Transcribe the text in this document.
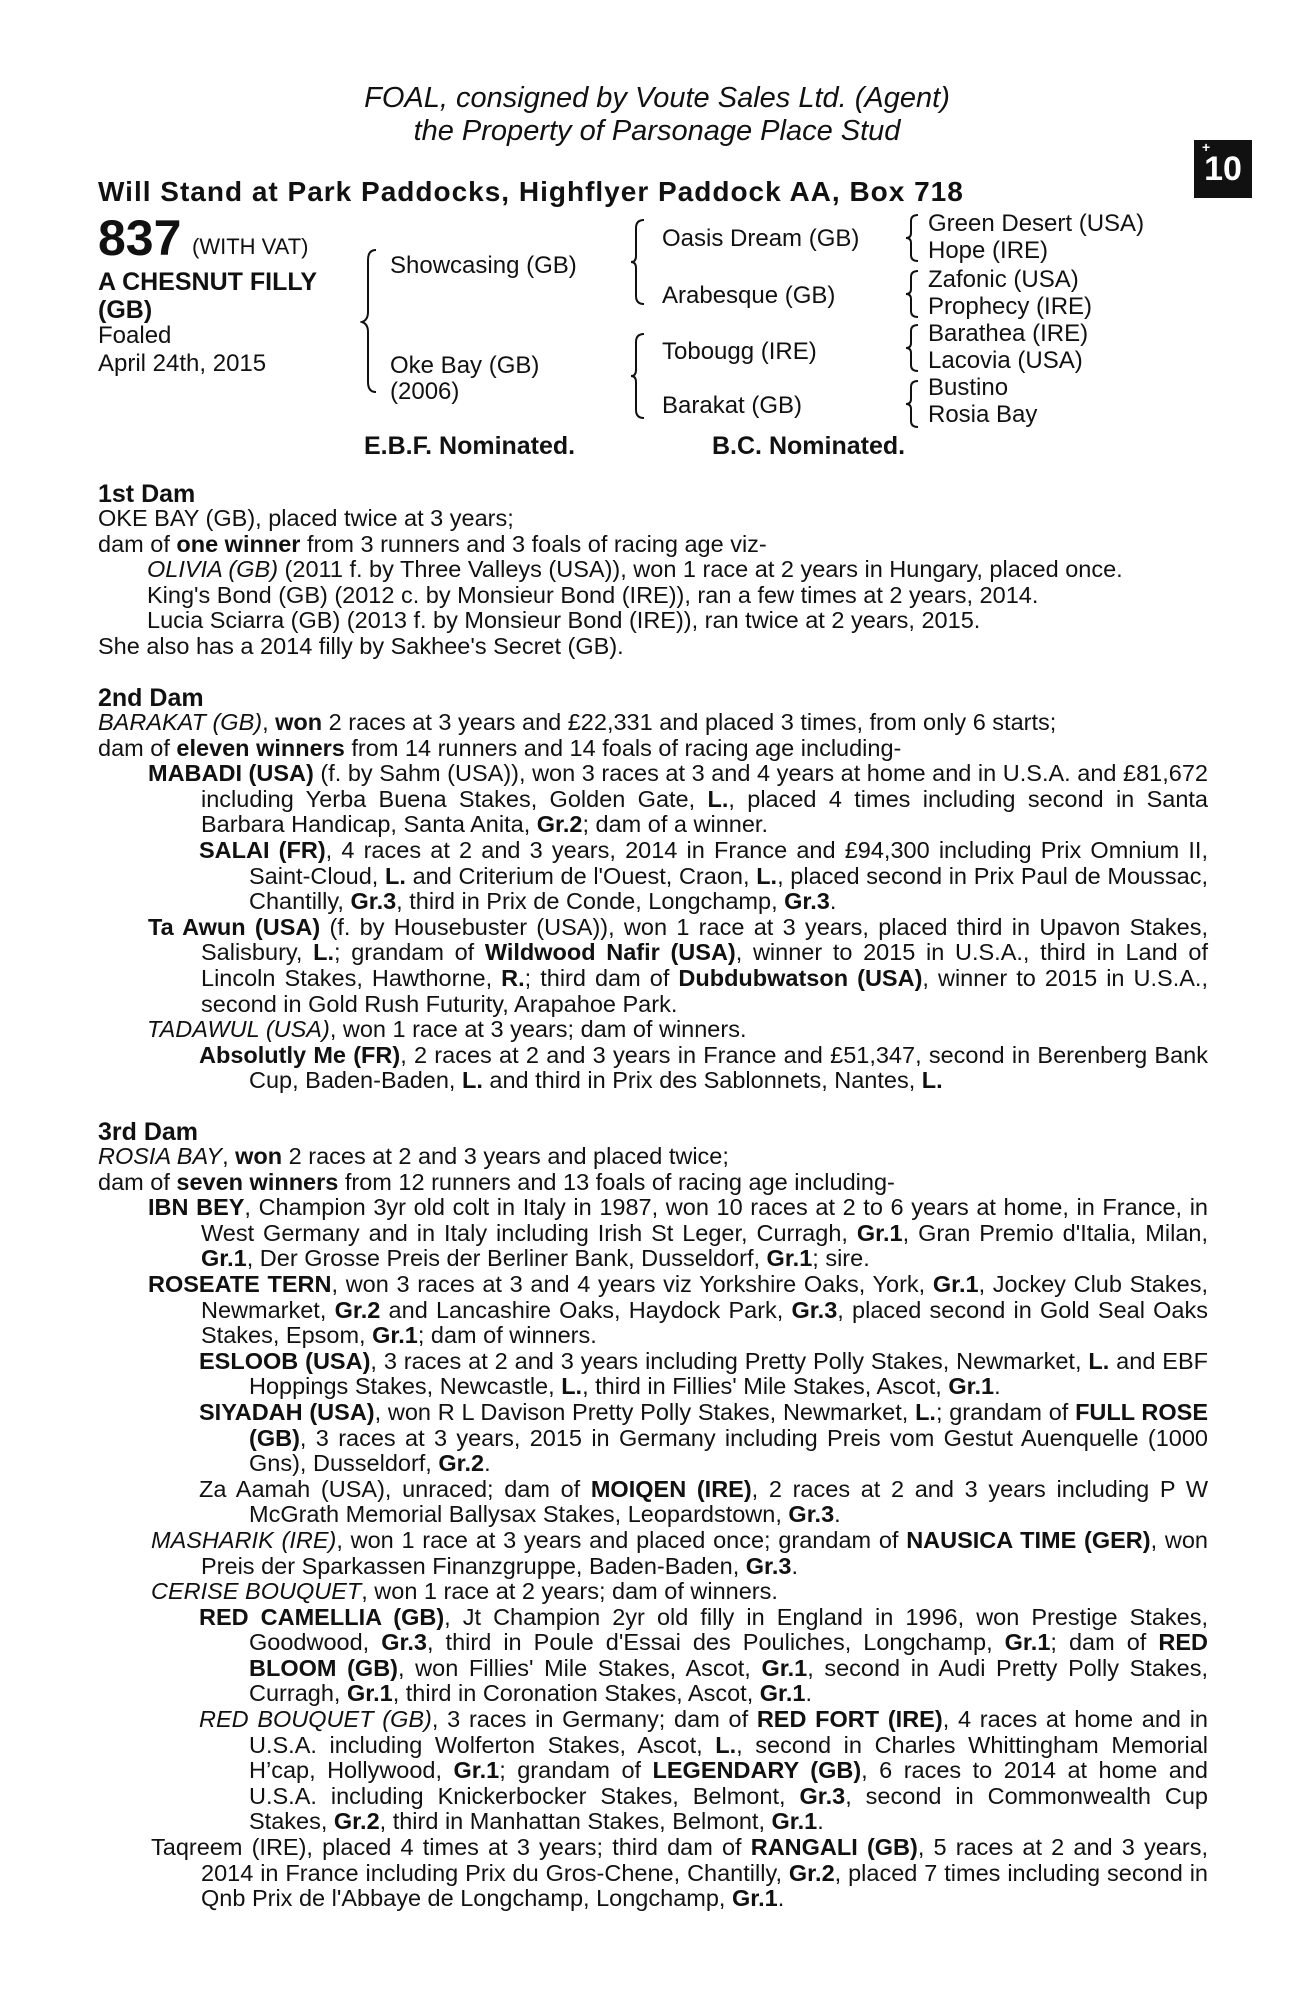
FOAL, consigned by Voute Sales Ltd. (Agent)
the Property of Parsonage Place Stud
Will Stand at Park Paddocks, Highflyer Paddock AA, Box 718
+
10
837 (WITH VAT)
A CHESNUT FILLY
(GB)
Foaled
April 24th, 2015
Showcasing (GB)
Oke Bay (GB)
(2006)
Oasis Dream (GB)
Arabesque (GB)
Tobougg (IRE)
Barakat (GB)
Green Desert (USA)
Hope (IRE)
Zafonic (USA)
Prophecy (IRE)
Barathea (IRE)
Lacovia (USA)
Bustino
Rosia Bay
E.B.F. Nominated.	B.C. Nominated.
1st Dam

OKE BAY (GB), placed twice at 3 years;

dam of one winner from 3 runners and 3 foals of racing age viz-

OLIVIA (GB) (2011 f. by Three Valleys (USA)), won 1 race at 2 years in Hungary, placed once.

King's Bond (GB) (2012 c. by Monsieur Bond (IRE)), ran a few times at 2 years, 2014.

Lucia Sciarra (GB) (2013 f. by Monsieur Bond (IRE)), ran twice at 2 years, 2015.

She also has a 2014 filly by Sakhee's Secret (GB).

2nd Dam

BARAKAT (GB), won 2 races at 3 years and £22,331 and placed 3 times, from only 6 starts;

dam of eleven winners from 14 runners and 14 foals of racing age including-

MABADI (USA) (f. by Sahm (USA)), won 3 races at 3 and 4 years at home and in U.S.A. and £81,672 including Yerba Buena Stakes, Golden Gate, L., placed 4 times including second in Santa Barbara Handicap, Santa Anita, Gr.2; dam of a winner.

SALAI (FR), 4 races at 2 and 3 years, 2014 in France and £94,300 including Prix Omnium II, Saint-Cloud, L. and Criterium de l'Ouest, Craon, L., placed second in Prix Paul de Moussac, Chantilly, Gr.3, third in Prix de Conde, Longchamp, Gr.3.

Ta Awun (USA) (f. by Housebuster (USA)), won 1 race at 3 years, placed third in Upavon Stakes, Salisbury, L.; grandam of Wildwood Nafir (USA), winner to 2015 in U.S.A., third in Land of Lincoln Stakes, Hawthorne, R.; third dam of Dubdubwatson (USA), winner to 2015 in U.S.A., second in Gold Rush Futurity, Arapahoe Park.

TADAWUL (USA), won 1 race at 3 years; dam of winners.

Absolutly Me (FR), 2 races at 2 and 3 years in France and £51,347, second in Berenberg Bank Cup, Baden-Baden, L. and third in Prix des Sablonnets, Nantes, L.

3rd Dam

ROSIA BAY, won 2 races at 2 and 3 years and placed twice;

dam of seven winners from 12 runners and 13 foals of racing age including-

IBN BEY, Champion 3yr old colt in Italy in 1987, won 10 races at 2 to 6 years at home, in France, in West Germany and in Italy including Irish St Leger, Curragh, Gr.1, Gran Premio d'Italia, Milan, Gr.1, Der Grosse Preis der Berliner Bank, Dusseldorf, Gr.1; sire.

ROSEATE TERN, won 3 races at 3 and 4 years viz Yorkshire Oaks, York, Gr.1, Jockey Club Stakes, Newmarket, Gr.2 and Lancashire Oaks, Haydock Park, Gr.3, placed second in Gold Seal Oaks Stakes, Epsom, Gr.1; dam of winners.

ESLOOB (USA), 3 races at 2 and 3 years including Pretty Polly Stakes, Newmarket, L. and EBF Hoppings Stakes, Newcastle, L., third in Fillies' Mile Stakes, Ascot, Gr.1.

SIYADAH (USA), won R L Davison Pretty Polly Stakes, Newmarket, L.; grandam of FULL ROSE (GB), 3 races at 3 years, 2015 in Germany including Preis vom Gestut Auenquelle (1000 Gns), Dusseldorf, Gr.2.

Za Aamah (USA), unraced; dam of MOIQEN (IRE), 2 races at 2 and 3 years including P W McGrath Memorial Ballysax Stakes, Leopardstown, Gr.3.

MASHARIK (IRE), won 1 race at 3 years and placed once; grandam of NAUSICA TIME (GER), won Preis der Sparkassen Finanzgruppe, Baden-Baden, Gr.3.

CERISE BOUQUET, won 1 race at 2 years; dam of winners.

RED CAMELLIA (GB), Jt Champion 2yr old filly in England in 1996, won Prestige Stakes, Goodwood, Gr.3, third in Poule d'Essai des Pouliches, Longchamp, Gr.1; dam of RED BLOOM (GB), won Fillies' Mile Stakes, Ascot, Gr.1, second in Audi Pretty Polly Stakes, Curragh, Gr.1, third in Coronation Stakes, Ascot, Gr.1.

RED BOUQUET (GB), 3 races in Germany; dam of RED FORT (IRE), 4 races at home and in U.S.A. including Wolferton Stakes, Ascot, L., second in Charles Whittingham Memorial H’cap, Hollywood, Gr.1; grandam of LEGENDARY (GB), 6 races to 2014 at home and U.S.A. including Knickerbocker Stakes, Belmont, Gr.3, second in Commonwealth Cup Stakes, Gr.2, third in Manhattan Stakes, Belmont, Gr.1.

Taqreem (IRE), placed 4 times at 3 years; third dam of RANGALI (GB), 5 races at 2 and 3 years, 2014 in France including Prix du Gros-Chene, Chantilly, Gr.2, placed 7 times including second in Qnb Prix de l'Abbaye de Longchamp, Longchamp, Gr.1.
